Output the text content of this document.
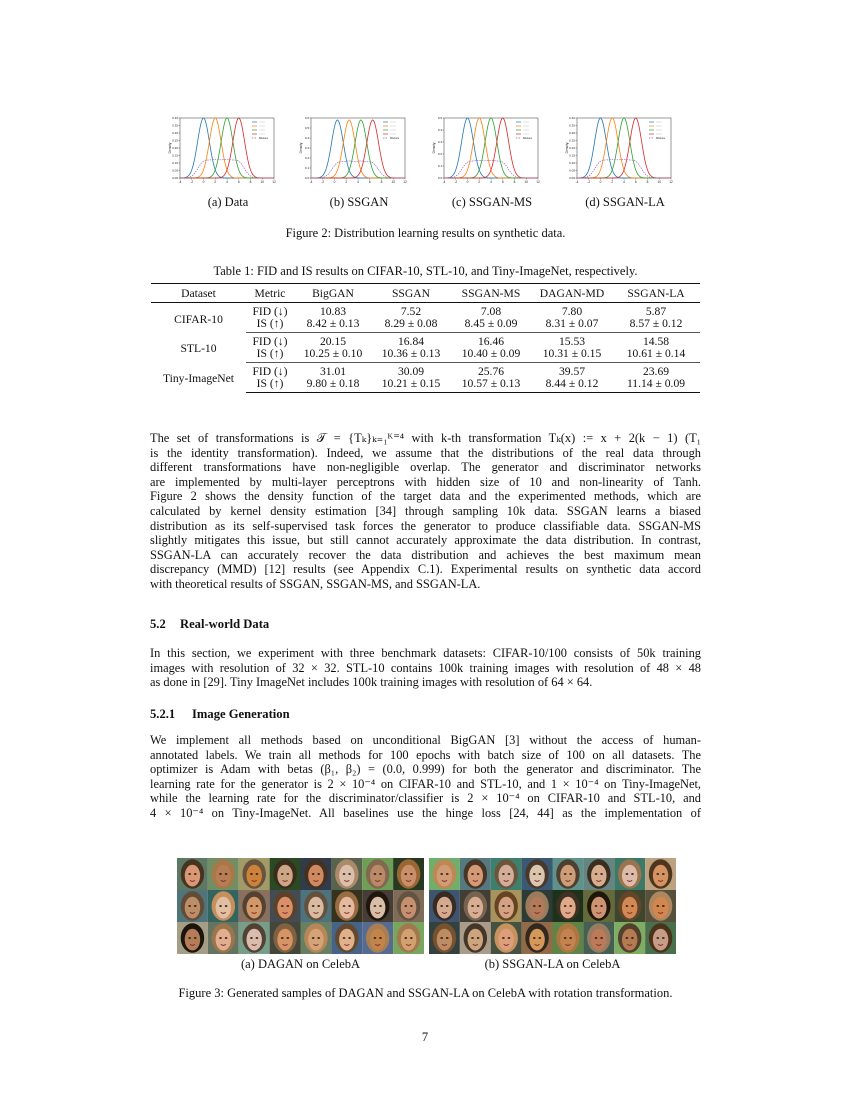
-4	-2	0	2	4	6	8	10	12
0.00
0.05
0.10
0.15
0.20
0.25
0.30
0.35
0.40
Density
Mixture
-4	-2	0	2	4	6	8	10	12
0.0
0.1
0.2
0.3
0.4
0.5
0.6
Density
Mixture
-4	-2	0	2	4	6	8	10	12
0.0
0.1
0.2
0.3
0.4
0.5
Density
Mixture
-4	-2	0	2	4	6	8	10	12
0.00
0.05
0.10
0.15
0.20
0.25
0.30
0.35
0.40
Density
Mixture
(a) Data	(b) SSGAN	(c) SSGAN-MS	(d) SSGAN-LA
Figure 2: Distribution learning results on synthetic data.
Table 1: FID and IS results on CIFAR-10, STL-10, and Tiny-ImageNet, respectively.
Dataset	Metric	BigGAN	SSGAN	SSGAN-MS	DAGAN-MD	SSGAN-LA
CIFAR-10	FID (↓)	10.83	7.52	7.08	7.80	5.87
	IS (↑)	8.42 ± 0.13	8.29 ± 0.08	8.45 ± 0.09	8.31 ± 0.07	8.57 ± 0.12
STL-10	FID (↓)	20.15	16.84	16.46	15.53	14.58
	IS (↑)	10.25 ± 0.10	10.36 ± 0.13	10.40 ± 0.09	10.31 ± 0.15	10.61 ± 0.14
Tiny-ImageNet	FID (↓)	31.01	30.09	25.76	39.57	23.69
	IS (↑)	9.80 ± 0.18	10.21 ± 0.15	10.57 ± 0.13	8.44 ± 0.12	11.14 ± 0.09
The set of transformations is 𝒯 = {Tₖ}ₖ₌₁ᴷ⁼⁴ with k-th transformation Tₖ(x) := x + 2(k − 1) (T₁
is the identity transformation). Indeed, we assume that the distributions of the real data through
different transformations have non-negligible overlap. The generator and discriminator networks
are implemented by multi-layer perceptrons with hidden size of 10 and non-linearity of Tanh.
Figure 2 shows the density function of the target data and the experimented methods, which are
calculated by kernel density estimation [34] through sampling 10k data. SSGAN learns a biased
distribution as its self-supervised task forces the generator to produce classifiable data. SSGAN-MS
slightly mitigates this issue, but still cannot accurately approximate the data distribution. In contrast,
SSGAN-LA can accurately recover the data distribution and achieves the best maximum mean
discrepancy (MMD) [12] results (see Appendix C.1). Experimental results on synthetic data accord
with theoretical results of SSGAN, SSGAN-MS, and SSGAN-LA.
5.2 Real-world Data
In this section, we experiment with three benchmark datasets: CIFAR-10/100 consists of 50k training
images with resolution of 32 × 32. STL-10 contains 100k training images with resolution of 48 × 48
as done in [29]. Tiny ImageNet includes 100k training images with resolution of 64 × 64.
5.2.1 Image Generation
We implement all methods based on unconditional BigGAN [3] without the access of human-
annotated labels. We train all methods for 100 epochs with batch size of 100 on all datasets. The
optimizer is Adam with betas (β₁, β₂) = (0.0, 0.999) for both the generator and discriminator. The
learning rate for the generator is 2 × 10⁻⁴ on CIFAR-10 and STL-10, and 1 × 10⁻⁴ on Tiny-ImageNet,
while the learning rate for the discriminator/classifier is 2 × 10⁻⁴ on CIFAR-10 and STL-10, and
4 × 10⁻⁴ on Tiny-ImageNet. All baselines use the hinge loss [24, 44] as the implementation of
(a) DAGAN on CelebA	(b) SSGAN-LA on CelebA
Figure 3: Generated samples of DAGAN and SSGAN-LA on CelebA with rotation transformation.
7
